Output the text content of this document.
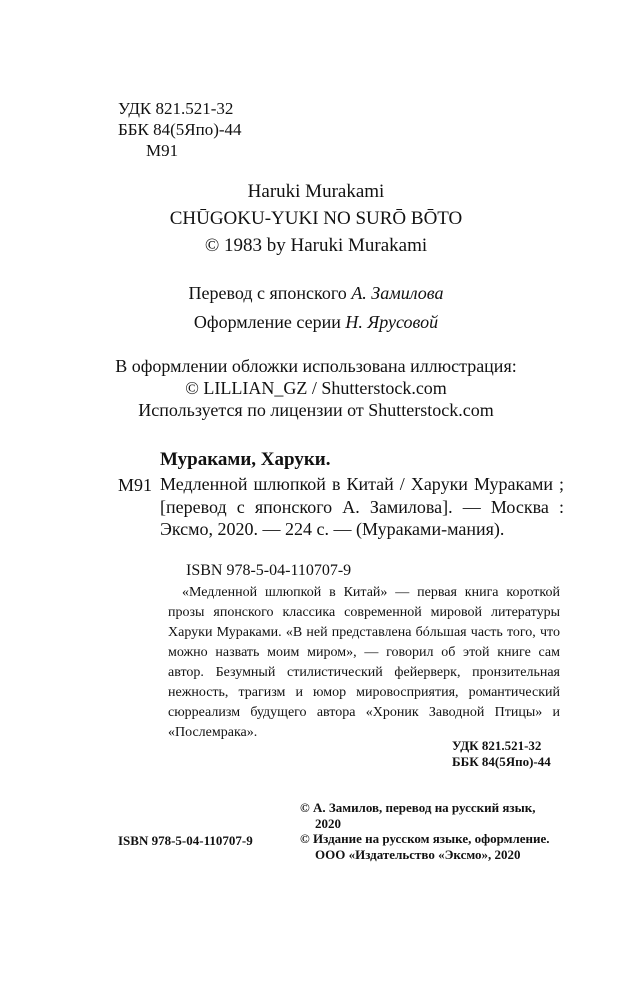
УДК 821.521-32
ББК 84(5Япо)-44
М91
Haruki Murakami
CHŪGOKU-YUKI NO SURŌ BŌTO
© 1983 by Haruki Murakami
Перевод с японского А. Замилова
Оформление серии Н. Ярусовой
В оформлении обложки использована иллюстрация:
© LILLIAN_GZ / Shutterstock.com
Используется по лицензии от Shutterstock.com
Мураками, Харуки.
М91 Медленной шлюпкой в Китай / Харуки Мураками ; [перевод с японского А. Замилова]. — Москва : Эксмо, 2020. — 224 с. — (Мураками-мания).
ISBN 978-5-04-110707-9
«Медленной шлюпкой в Китай» — первая книга короткой прозы японского классика современной мировой литературы Харуки Мураками. «В ней представлена бóльшая часть того, что можно назвать моим миром», — говорил об этой книге сам автор. Безумный стилистический фейерверк, пронзительная нежность, трагизм и юмор мировосприятия, романтический сюрреализм будущего автора «Хроник Заводной Птицы» и «Послемрака».
УДК 821.521-32
ББК 84(5Япо)-44
© А. Замилов, перевод на русский язык,
2020
© Издание на русском языке, оформление.
ООО «Издательство «Эксмо», 2020
ISBN 978-5-04-110707-9
